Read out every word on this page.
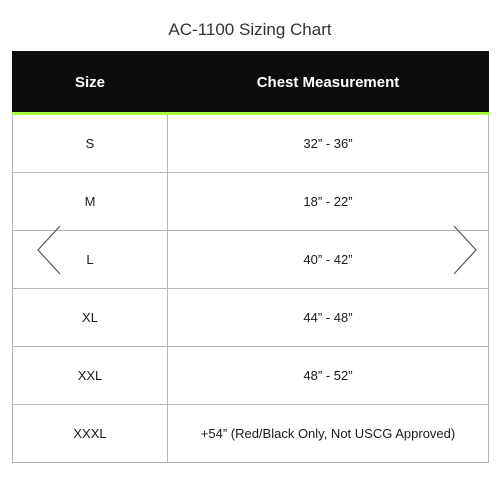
AC-1100 Sizing Chart
Size	Chest Measurement
S	32” - 36”
M	18” - 22”
L	40” - 42”
XL	44” - 48”
XXL	48” - 52”
XXXL	+54” (Red/Black Only, Not USCG Approved)
